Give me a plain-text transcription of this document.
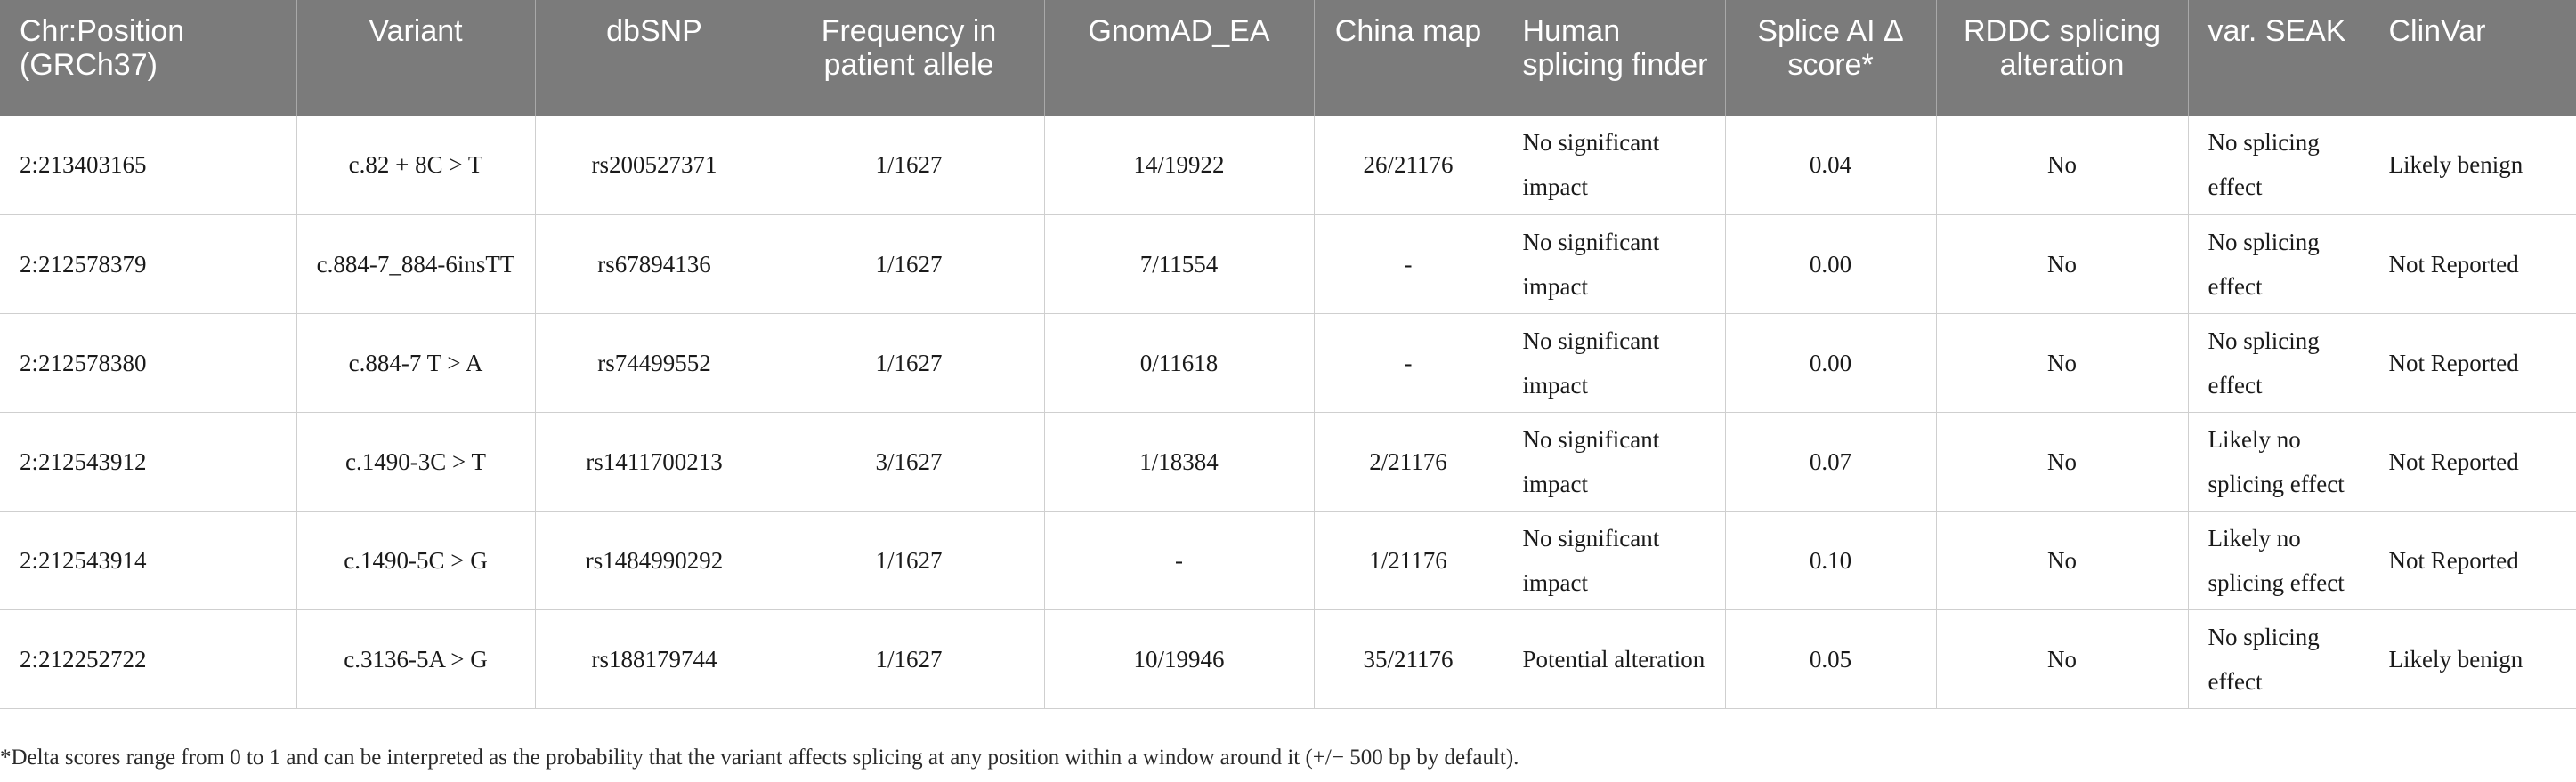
Chr:Position (GRCh37)	Variant	dbSNP	Frequency in patient allele	GnomAD_EA	China map	Human splicing finder	Splice AI Δ score*	RDDC splicing alteration	var. SEAK	ClinVar
2:213403165	c.82 + 8C > T	rs200527371	1/1627	14/19922	26/21176	No significant impact	0.04	No	No splicing effect	Likely benign
2:212578379	c.884-7_884-6insTT	rs67894136	1/1627	7/11554	-	No significant impact	0.00	No	No splicing effect	Not Reported
2:212578380	c.884-7 T > A	rs74499552	1/1627	0/11618	-	No significant impact	0.00	No	No splicing effect	Not Reported
2:212543912	c.1490-3C > T	rs1411700213	3/1627	1/18384	2/21176	No significant impact	0.07	No	Likely no splicing effect	Not Reported
2:212543914	c.1490-5C > G	rs1484990292	1/1627	-	1/21176	No significant impact	0.10	No	Likely no splicing effect	Not Reported
2:212252722	c.3136-5A > G	rs188179744	1/1627	10/19946	35/21176	Potential alteration	0.05	No	No splicing effect	Likely benign
*Delta scores range from 0 to 1 and can be interpreted as the probability that the variant affects splicing at any position within a window around it (+/− 500 bp by default).
